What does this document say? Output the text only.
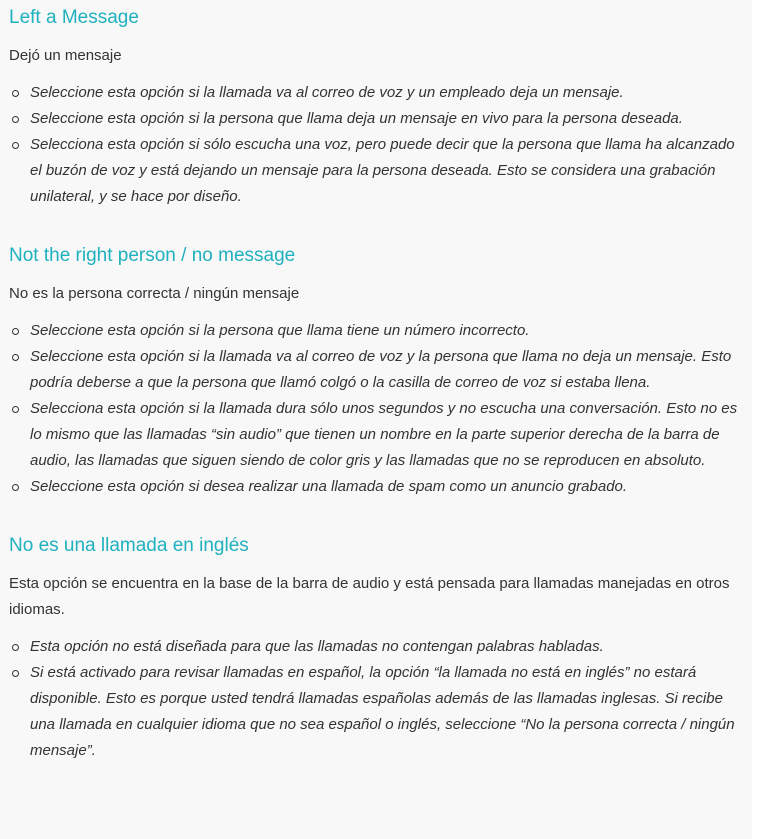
Left a Message

Dejó un mensaje

Seleccione esta opción si la llamada va al correo de voz y un empleado deja un mensaje.
Seleccione esta opción si la persona que llama deja un mensaje en vivo para la persona deseada.
Selecciona esta opción si sólo escucha una voz, pero puede decir que la persona que llama ha alcanzado el buzón de voz y está dejando un mensaje para la persona deseada. Esto se considera una grabación unilateral, y se hace por diseño.
Not the right person / no message

No es la persona correcta / ningún mensaje

Seleccione esta opción si la persona que llama tiene un número incorrecto.
Seleccione esta opción si la llamada va al correo de voz y la persona que llama no deja un mensaje. Esto podría deberse a que la persona que llamó colgó o la casilla de correo de voz si estaba llena.
Selecciona esta opción si la llamada dura sólo unos segundos y no escucha una conversación. Esto no es lo mismo que las llamadas “sin audio” que tienen un nombre en la parte superior derecha de la barra de audio, las llamadas que siguen siendo de color gris y las llamadas que no se reproducen en absoluto.
Seleccione esta opción si desea realizar una llamada de spam como un anuncio grabado.
No es una llamada en inglés

Esta opción se encuentra en la base de la barra de audio y está pensada para llamadas manejadas en otros idiomas.

Esta opción no está diseñada para que las llamadas no contengan palabras habladas.
Si está activado para revisar llamadas en español, la opción “la llamada no está en inglés” no estará disponible. Esto es porque usted tendrá llamadas españolas además de las llamadas inglesas. Si recibe una llamada en cualquier idioma que no sea español o inglés, seleccione “No la persona correcta / ningún mensaje”.
